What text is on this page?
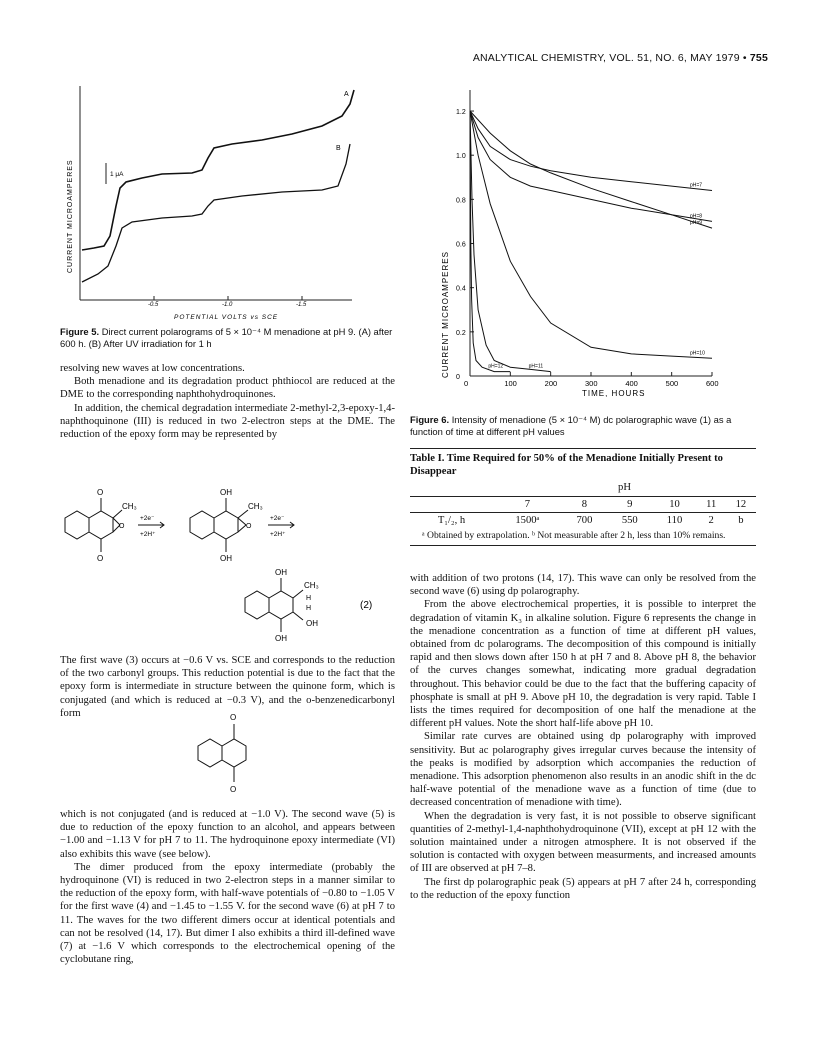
ANALYTICAL CHEMISTRY, VOL. 51, NO. 6, MAY 1979 • 755
-0.5	-1.0	-1.5
POTENTIAL VOLTS vs SCE
CURRENT MICROAMPERES	1 μA
A
B
Figure 5. Direct current polarograms of 5 × 10⁻⁴ M menadione at pH 9. (A) after 600 h. (B) After UV irradiation for 1 h

resolving new waves at low concentrations.

Both menadione and its degradation product phthiocol are reduced at the DME to the corresponding naphthohydroquinones.

In addition, the chemical degradation intermediate 2-methyl-2,3-epoxy-1,4-naphthoquinone (III) is reduced in two 2-electron steps at the DME. The reduction of the epoxy form may be represented by

O
O
CH₃
O
+2e⁻
+2H⁺
OH
OH
CH₃
O
+2e⁻
+2H⁺
OH
OH
CH₃
H
H
OH
(2)

The first wave (3) occurs at −0.6 V vs. SCE and corresponds to the reduction of the two carbonyl groups. This reduction potential is due to the fact that the epoxy form is intermediate in structure between the quinone form, which is conjugated (and which is reduced at −0.3 V), and the o-benzenedicarbonyl form	O
O

which is not conjugated (and is reduced at −1.0 V). The second wave (5) is due to reduction of the epoxy function to an alcohol, and appears between −1.00 and −1.13 V for pH 7 to 11. The hydroquinone epoxy intermediate (VI) also exhibits this wave (see below).

The dimer produced from the epoxy intermediate (probably the hydroquinone (VI) is reduced in two 2-electron steps in a manner similar to the reduction of the epoxy form, with half-wave potentials of −0.80 to −1.05 V for the first wave (4) and −1.45 to −1.55 V. for the second wave (6) at pH 7 to 11. The waves for the two different dimers occur at identical potentials and can not be resolved (14, 17). But dimer I also exhibits a third ill-defined wave (7) at −1.6 V which corresponds to the electrochemical opening of the cyclobutane ring,

0	100	200	300	400	500	600
0
0.2
0.4
0.6
0.8
1.0
1.2
pH=7
pH=8
pH=9
pH=10
pH=11
pH=12
TIME, HOURS
CURRENT MICROAMPERES
Figure 6. Intensity of menadione (5 × 10⁻⁴ M) dc polarographic wave (1) as a function of time at different pH values

Table I. Time Required for 50% of the Menadione Initially Present to Disappear

	pH					
	7	8	9	10	11	12
T₁/₂, h	1500ᵃ	700	550	110	2	b

ᵃ Obtained by extrapolation. ᵇ Not measurable after 2 h, less than 10% remains.

with addition of two protons (14, 17). This wave can only be resolved from the second wave (6) using dp polarography.

From the above electrochemical properties, it is possible to interpret the degradation of vitamin K₃ in alkaline solution. Figure 6 represents the change in the menadione concentration as a function of time at different pH values, obtained from dc polarograms. The decomposition of this compound is initially rapid and then slows down after 150 h at pH 7 and 8. Above pH 8, the behavior of the curves changes somewhat, indicating more gradual degradation throughout. This behavior could be due to the fact that the buffering capacity of phosphate is small at pH 9. Above pH 10, the degradation is very rapid. Table I lists the times required for decomposition of one half the menadione at the different pH values. Note the short half-life above pH 10.

Similar rate curves are obtained using dp polarography with improved sensitivity. But ac polarography gives irregular curves because the intensity of the peaks is modified by adsorption which accompanies the reduction of menadione. This adsorption phenomenon also results in an anodic shift in the dc half-wave potential of the menadione wave as a function of time (due to decreased concentration of menadione with time).

When the degradation is very fast, it is not possible to observe significant quantities of 2-methyl-1,4-naphthohydroquinone (VII), except at pH 12 with the solution maintained under a nitrogen atmosphere. It is not observed if the solution is contacted with oxygen between measurments, and increased amounts of III are observed at pH 7–8.

The first dp polarographic peak (5) appears at pH 7 after 24 h, corresponding to the reduction of the epoxy function
